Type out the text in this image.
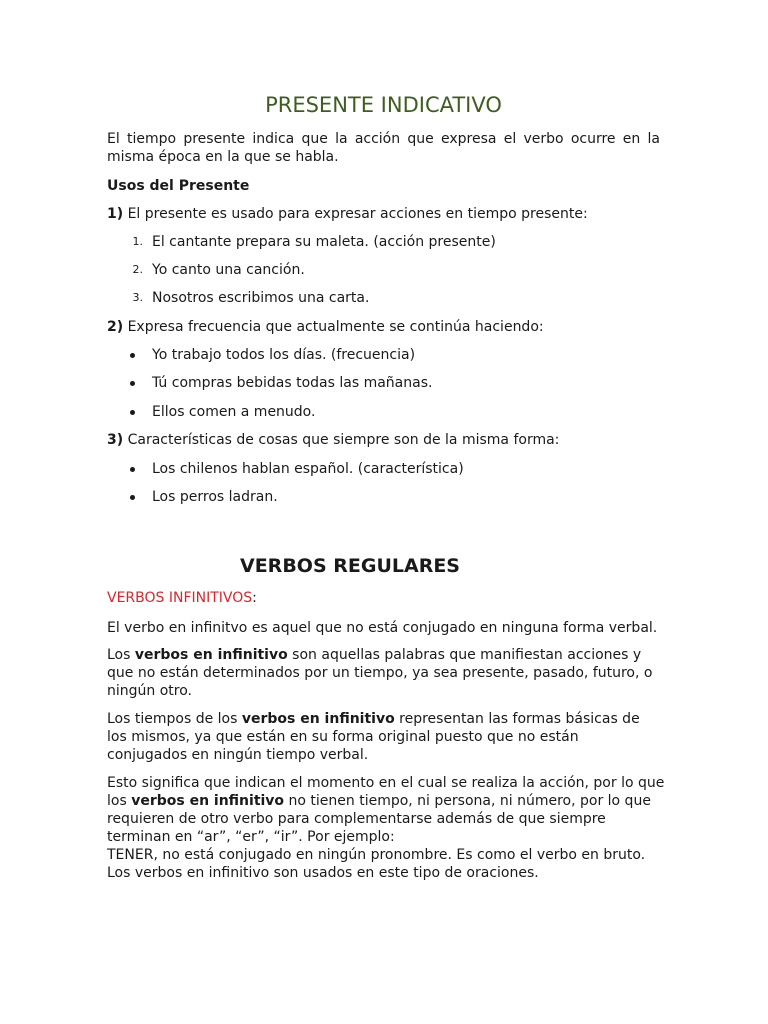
PRESENTE INDICATIVO

El tiempo presente indica que la acción que expresa el verbo ocurre en la misma época en la que se habla.

Usos del Presente

1) El presente es usado para expresar acciones en tiempo presente:

1. El cantante prepara su maleta. (acción presente)
2. Yo canto una canción.
3. Nosotros escribimos una carta.

2) Expresa frecuencia que actualmente se continúa haciendo:

Yo trabajo todos los días. (frecuencia)
Tú compras bebidas todas las mañanas.
Ellos comen a menudo.

3) Características de cosas que siempre son de la misma forma:

Los chilenos hablan español. (característica)
Los perros ladran.
VERBOS REGULARES

VERBOS INFINITIVOS:

El verbo en infinitvo es aquel que no está conjugado en ninguna forma verbal.

Los verbos en infinitivo son aquellas palabras que manifiestan acciones y que no están determinados por un tiempo, ya sea presente, pasado, futuro, o ningún otro.

Los tiempos de los verbos en infinitivo representan las formas básicas de los mismos, ya que están en su forma original puesto que no están conjugados en ningún tiempo verbal.

Esto significa que indican el momento en el cual se realiza la acción, por lo que

los verbos en infinitivo no tienen tiempo, ni persona, ni número, por lo que

requieren de otro verbo para complementarse además de que siempre

terminan en “ar”, “er”, “ir”. Por ejemplo:

TENER, no está conjugado en ningún pronombre. Es como el verbo en bruto.

Los verbos en infinitivo son usados en este tipo de oraciones.
